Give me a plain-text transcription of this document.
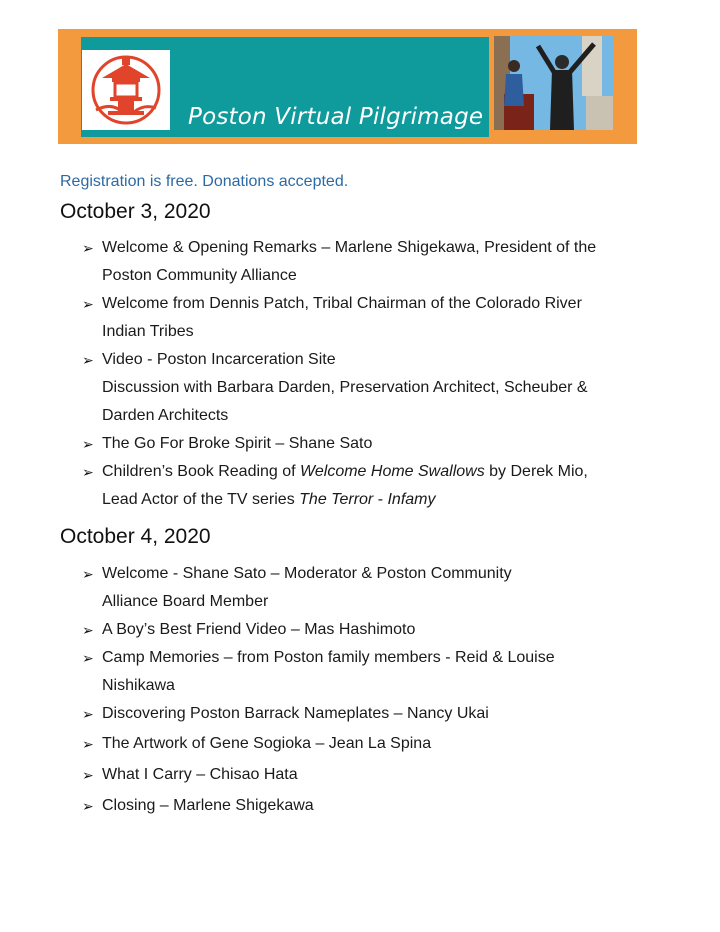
Poston Virtual Pilgrimage
Registration is free. Donations accepted.
October 3, 2020
➢ Welcome & Opening Remarks – Marlene Shigekawa, President of the
Poston Community Alliance
➢ Welcome from Dennis Patch, Tribal Chairman of the Colorado River
Indian Tribes
➢ Video - Poston Incarceration Site
Discussion with Barbara Darden, Preservation Architect, Scheuber &
Darden Architects
➢ The Go For Broke Spirit – Shane Sato
➢ Children’s Book Reading of Welcome Home Swallows by Derek Mio,
Lead Actor of the TV series The Terror - Infamy
October 4, 2020
➢ Welcome - Shane Sato – Moderator & Poston Community
Alliance Board Member
➢ A Boy’s Best Friend Video – Mas Hashimoto
➢ Camp Memories – from Poston family members - Reid & Louise
Nishikawa
➢ Discovering Poston Barrack Nameplates – Nancy Ukai
➢ The Artwork of Gene Sogioka – Jean La Spina
➢ What I Carry – Chisao Hata
➢ Closing – Marlene Shigekawa
